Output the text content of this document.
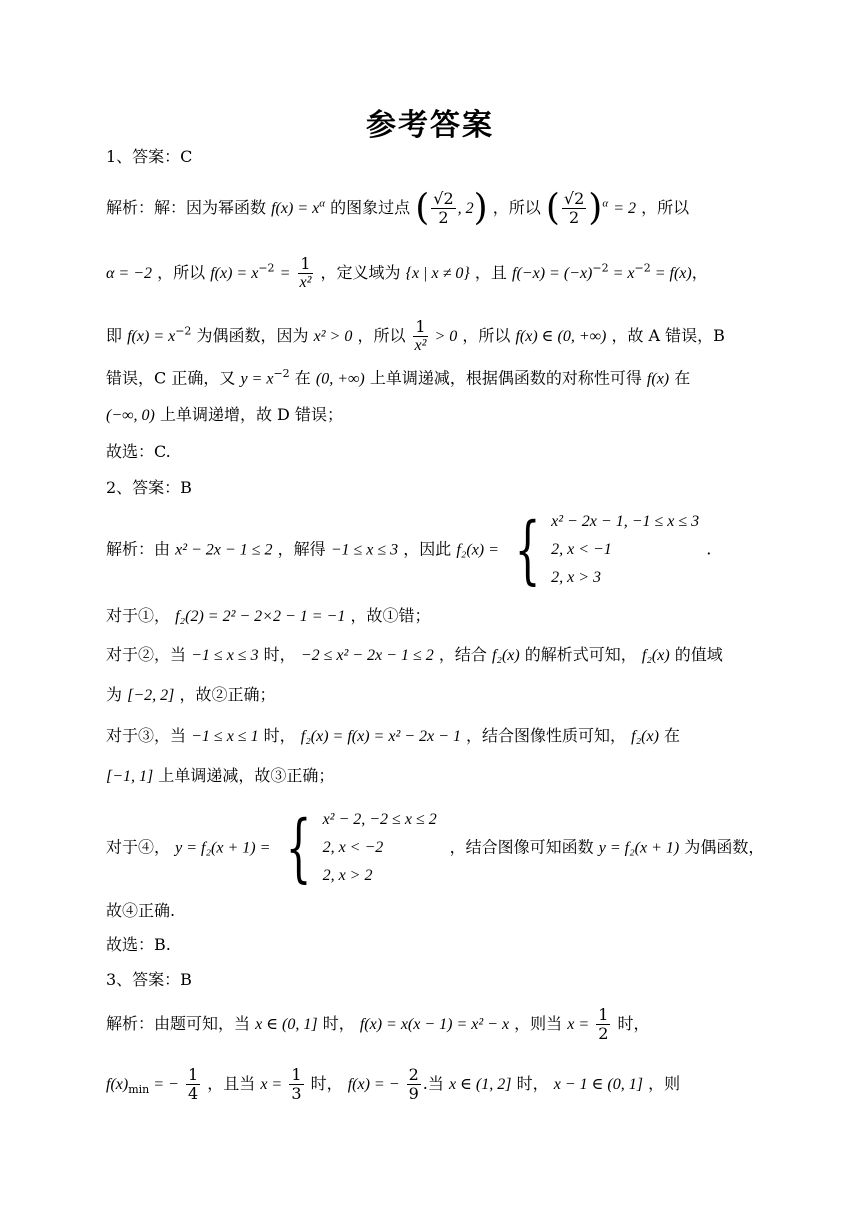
参考答案
1、答案：C
解析：解：因为幂函数 $f(x) = x^\alpha$ 的图象过点 ( $\frac{√2}{2}$ , 2) ，所以 ( $\frac{√2}{2} )^\alpha = 2$ ，所以
α = −2 ，所以 $f(x) = x^{-2} = \frac{1}{\text{x²}}$ ，定义域为 {x | x ≠ 0} ，且 $f(-x) = (-x)^{-2} = x^{-2} = f(x)$，
即 $f(x) = x^{-2}$ 为偶函数，因为 x² > 0 ，所以 $\frac{1}{\text{x²}} > 0$ ，所以 f(x) ∈ (0, +∞) ，故 A 错误，B
错误，C 正确，又 $y = x^{-2}$ 在 (0, +∞) 上单调递减，根据偶函数的对称性可得 f(x) 在
(−∞, 0) 上单调递增，故 D 错误；
故选：C.
2、答案：B
解析：由 x² − 2x − 1 ≤ 2 ，解得 −1 ≤ x ≤ 3 ，因此 f₂(x) = { x² − 2x − 1, −1 ≤ x ≤ 3
2, x < −1
2, x > 3
.
对于①， f₂(2) = 2² − 2×2 − 1 = −1 ，故①错；
对于②，当 −1 ≤ x ≤ 3 时， −2 ≤ x² − 2x − 1 ≤ 2 ，结合 f₂(x) 的解析式可知， f₂(x) 的值域
为 [−2, 2] ，故②正确；
对于③，当 −1 ≤ x ≤ 1 时， f₂(x) = f(x) = x² − 2x − 1 ，结合图像性质可知， f₂(x) 在
[−1, 1] 上单调递减，故③正确；
对于④， y = f₂(x + 1) = { x² − 2, −2 ≤ x ≤ 2
2, x < −2
2, x > 2
，结合图像可知函数 y = f₂(x + 1) 为偶函数，
故④正确.
故选：B.
3、答案：B
解析：由题可知，当 x ∈ (0, 1] 时， f(x) = x(x − 1) = x² − x ，则当 $x = \frac{1}{2}$ 时，
$f(x)_{min}$ = − $\frac{1}{4}$ ，且当 $x = \frac{1}{3}$ 时， f(x) = − $\frac{2}{9}$ .当 x ∈ (1, 2] 时， x − 1 ∈ (0, 1] ，则
